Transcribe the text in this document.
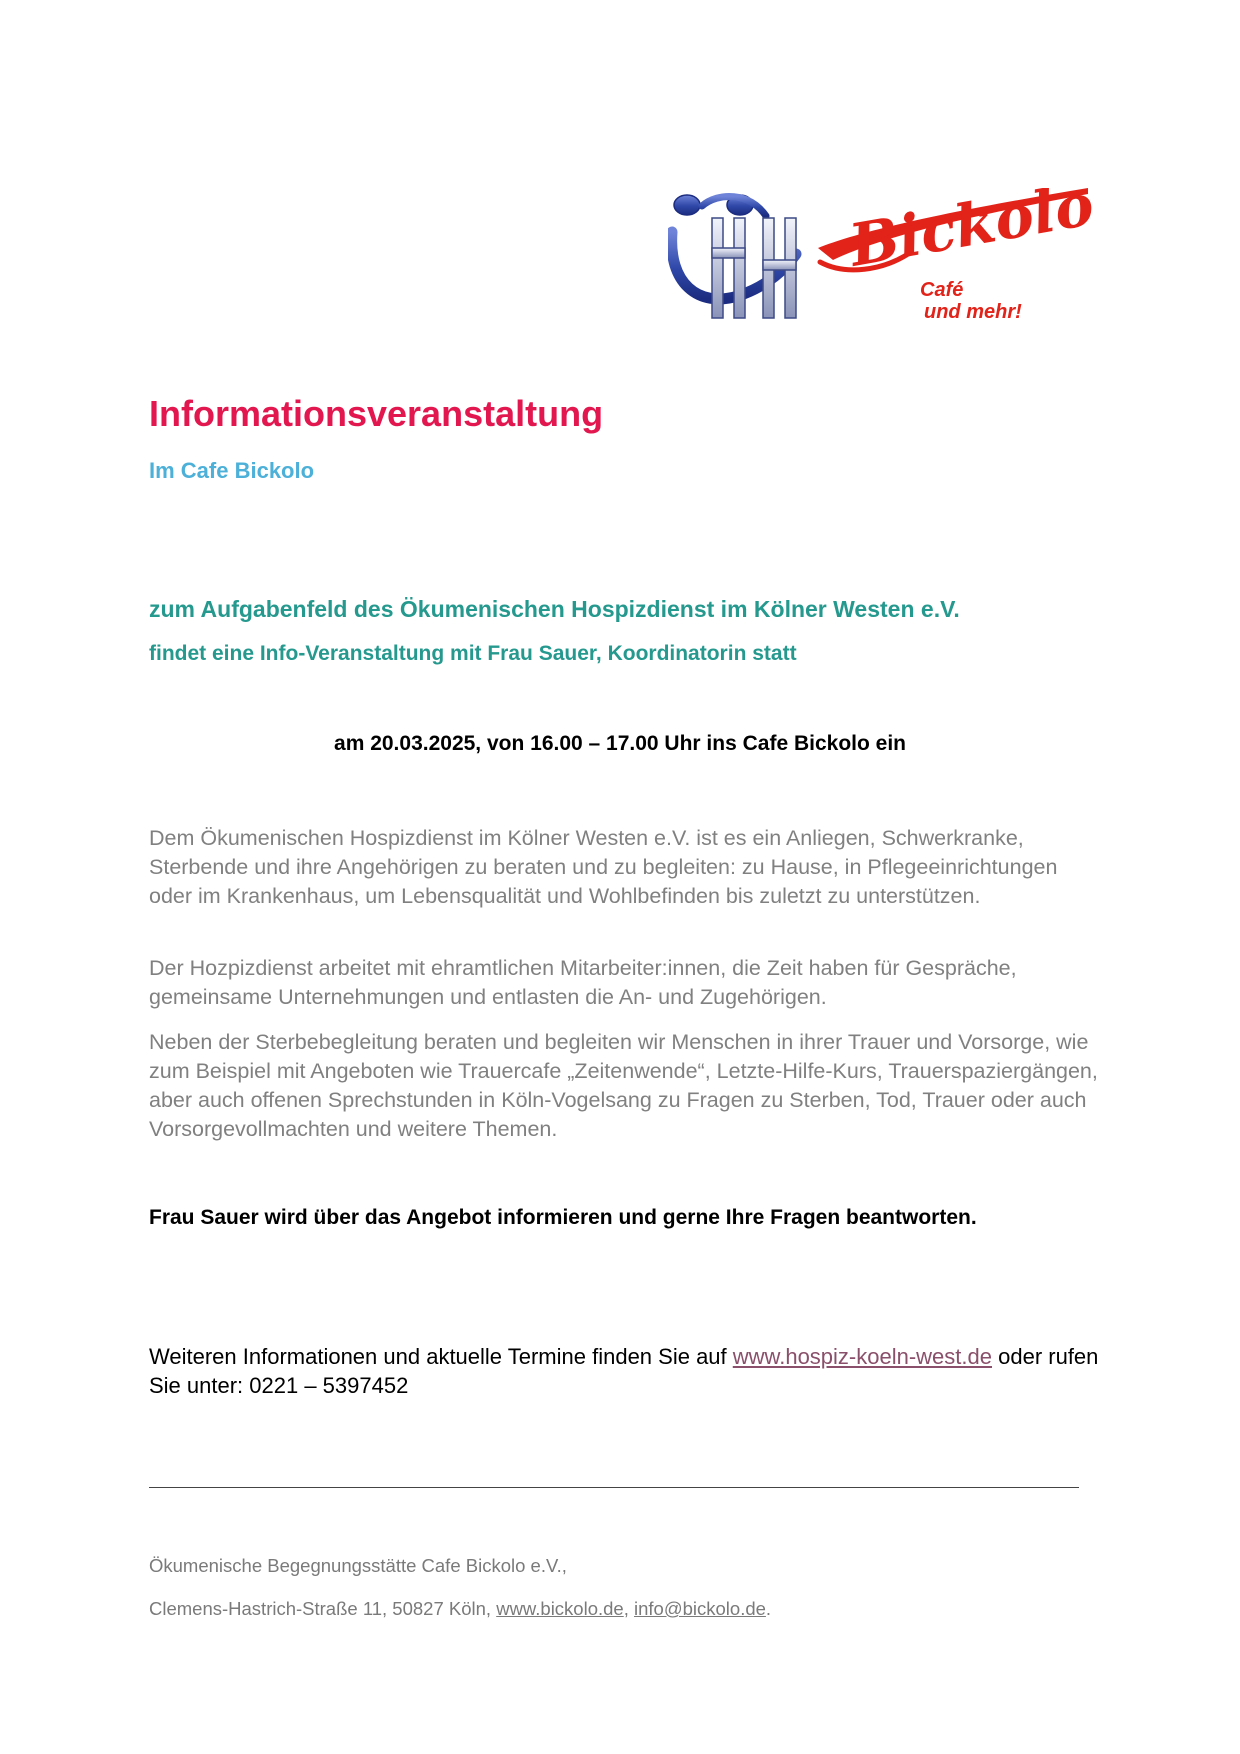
Bickolo
Café
und mehr!
Informationsveranstaltung
Im Cafe Bickolo
zum Aufgabenfeld des Ökumenischen Hospizdienst im Kölner Westen e.V.
findet eine Info-Veranstaltung mit Frau Sauer, Koordinatorin statt
am 20.03.2025, von 16.00 – 17.00 Uhr ins Cafe Bickolo ein

Dem Ökumenischen Hospizdienst im Kölner Westen e.V. ist es ein Anliegen, Schwerkranke, Sterbende und ihre Angehörigen zu beraten und zu begleiten: zu Hause, in Pflegeeinrichtungen oder im Krankenhaus, um Lebensqualität und Wohlbefinden bis zuletzt zu unterstützen.

Der Hozpizdienst arbeitet mit ehramtlichen Mitarbeiter:innen, die Zeit haben für Gespräche, gemeinsame Unternehmungen und entlasten die An- und Zugehörigen.

Neben der Sterbebegleitung beraten und begleiten wir Menschen in ihrer Trauer und Vorsorge, wie zum Beispiel mit Angeboten wie Trauercafe „Zeitenwende“, Letzte-Hilfe-Kurs, Trauerspaziergängen, aber auch offenen Sprechstunden in Köln-Vogelsang zu Fragen zu Sterben, Tod, Trauer oder auch Vorsorgevollmachten und weitere Themen.

Frau Sauer wird über das Angebot informieren und gerne Ihre Fragen beantworten.

Weiteren Informationen und aktuelle Termine finden Sie auf www.hospiz-koeln-west.de oder rufen Sie unter: 0221 – 5397452

Ökumenische Begegnungsstätte Cafe Bickolo e.V.,
Clemens-Hastrich-Straße 11, 50827 Köln, www.bickolo.de, info@bickolo.de.
